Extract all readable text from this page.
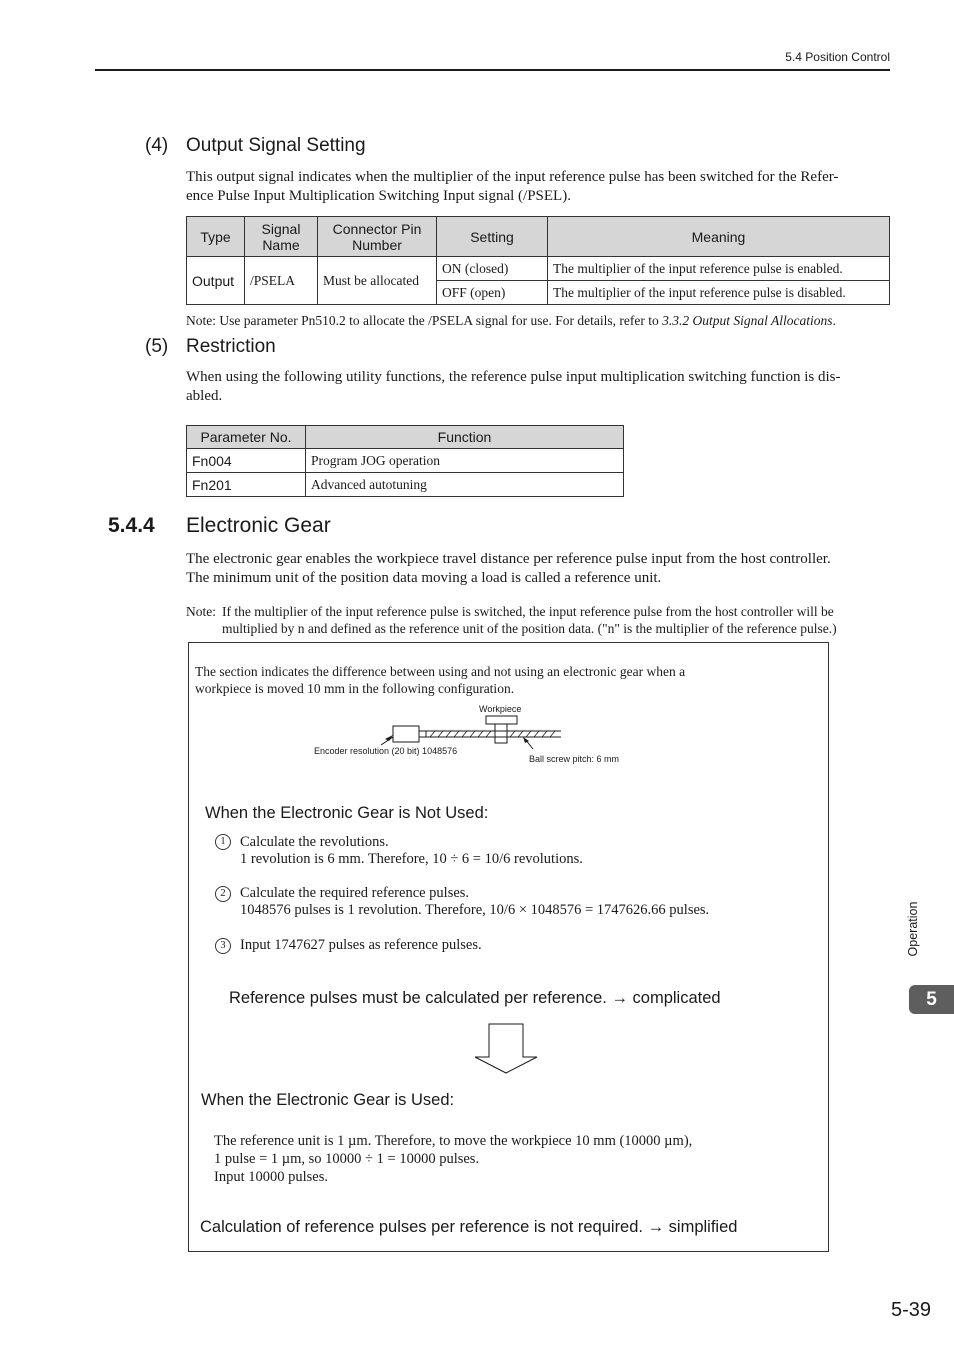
5.4 Position Control
(4) Output Signal Setting
This output signal indicates when the multiplier of the input reference pulse has been switched for the Refer-
ence Pulse Input Multiplication Switching Input signal (/PSEL).
Type	Signal Name	Connector Pin Number	Setting	Meaning
Output	/PSELA	Must be allocated	ON (closed)	The multiplier of the input reference pulse is enabled.
			OFF (open)	The multiplier of the input reference pulse is disabled.
Note: Use parameter Pn510.2 to allocate the /PSELA signal for use. For details, refer to 3.3.2 Output Signal Allocations.
(5) Restriction
When using the following utility functions, the reference pulse input multiplication switching function is dis-
abled.
Parameter No.	Function
Fn004	Program JOG operation
Fn201	Advanced autotuning
5.4.4 Electronic Gear
The electronic gear enables the workpiece travel distance per reference pulse input from the host controller.
The minimum unit of the position data moving a load is called a reference unit.
Note: If the multiplier of the input reference pulse is switched, the input reference pulse from the host controller will be
multiplied by n and defined as the reference unit of the position data. ("n" is the multiplier of the reference pulse.)
The section indicates the difference between using and not using an electronic gear when a
workpiece is moved 10 mm in the following configuration.
Workpiece
Encoder resolution (20 bit) 1048576
Ball screw pitch: 6 mm
When the Electronic Gear is Not Used:
1 Calculate the revolutions.
1 revolution is 6 mm. Therefore, 10 ÷ 6 = 10/6 revolutions.
2 Calculate the required reference pulses.
1048576 pulses is 1 revolution. Therefore, 10/6 × 1048576 = 1747626.66 pulses.
3 Input 1747627 pulses as reference pulses.
Reference pulses must be calculated per reference. → complicated
When the Electronic Gear is Used:
The reference unit is 1 µm. Therefore, to move the workpiece 10 mm (10000 µm),
1 pulse = 1 µm, so 10000 ÷ 1 = 10000 pulses.
Input 10000 pulses.
Calculation of reference pulses per reference is not required. → simplified
Operation
5
5-39
